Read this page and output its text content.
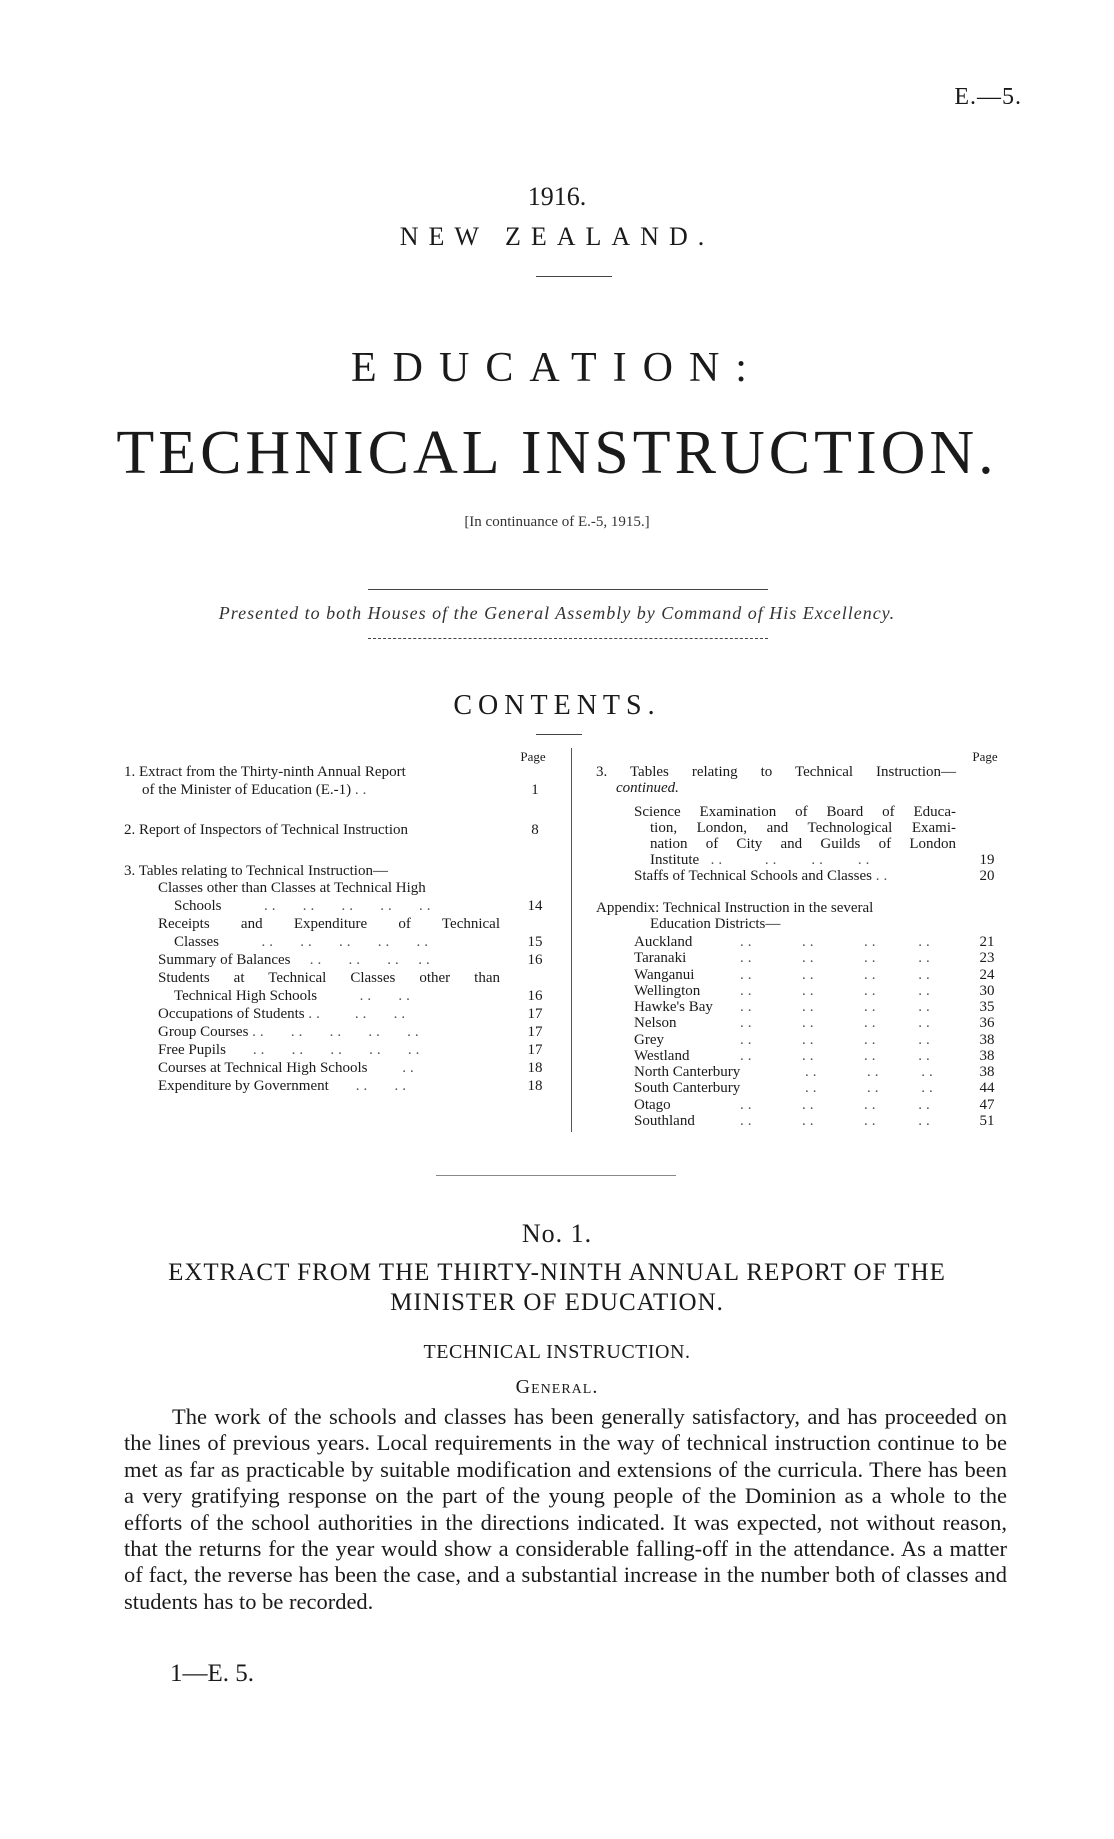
E.—5.
1916.
NEW ZEALAND.
EDUCATION:
TECHNICAL INSTRUCTION.
[In continuance of E.-5, 1915.]
Presented to both Houses of the General Assembly by Command of His Excellency.
CONTENTS.
Page	Page
1. Extract from the Thirty-ninth Annual Report
of the Minister of Education (E.-1) ..	1
2. Report of Inspectors of Technical Instruction	8
3. Tables relating to Technical Instruction—
Classes other than Classes at Technical High
Schools      ..   ..   ..   ..   ..	14
Receipts and Expenditure of Technical
Classes      ..   ..   ..   ..   ..	15
Summary of Balances   ..   ..   ..  ..	16
Students at Technical Classes other than
Technical High Schools      ..   ..	16
Occupations of Students ..    ..   ..	17
Group Courses ..   ..   ..   ..   ..	17
Free Pupils    ..   ..   ..   ..   ..	17
Courses at Technical High Schools     ..	18
Expenditure by Government    ..   ..	18
3. Tables relating to Technical Instruction—
continued.
Science Examination of Board of Educa-
tion, London, and Technological Exami-
nation of City and Guilds of London
Institute  ..     ..    ..    ..	19
Staffs of Technical Schools and Classes ..	20
Appendix: Technical Instruction in the several
Education Districts—
Auckland	..      ..      ..     ..	21
Taranaki	..      ..      ..     ..	23
Wanganui	..      ..      ..     ..	24
Wellington	..      ..      ..     ..	30
Hawke's Bay ..      ..      ..     ..	35
Nelson	..      ..      ..     ..	36
Grey	..      ..      ..     ..	38
Westland	..      ..      ..     ..	38
North Canterbury	..      ..     ..	38
South Canterbury	..      ..     ..	44
Otago	..      ..      ..     ..	47
Southland	..      ..      ..     ..	51
No. 1.
EXTRACT FROM THE THIRTY-NINTH ANNUAL REPORT OF THE
MINISTER OF EDUCATION.
TECHNICAL INSTRUCTION.
General.
The work of the schools and classes has been generally satisfactory, and has proceeded on the lines of previous years. Local requirements in the way of technical instruction continue to be met as far as practicable by suitable modification and extensions of the curricula. There has been a very gratifying response on the part of the young people of the Dominion as a whole to the efforts of the school authorities in the directions indicated. It was expected, not without reason, that the returns for the year would show a considerable falling-off in the attendance. As a matter of fact, the reverse has been the case, and a substantial increase in the number both of classes and students has to be recorded.
1—E. 5.
